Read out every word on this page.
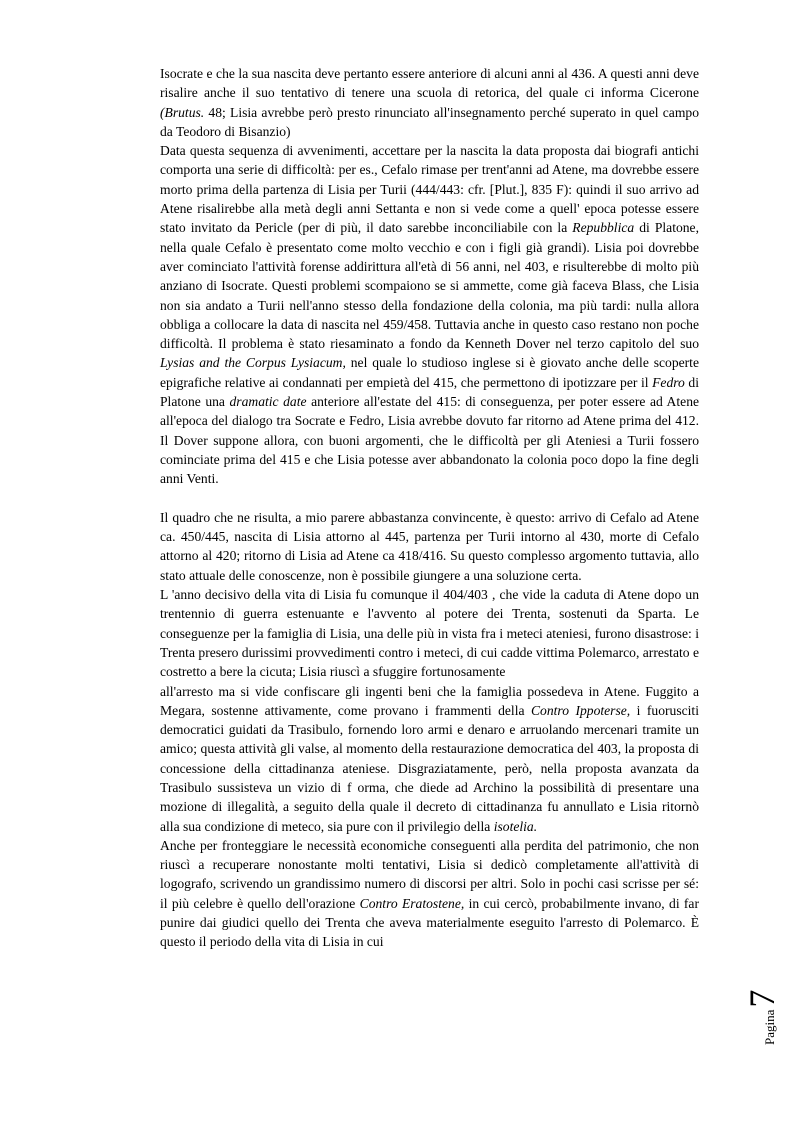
Isocrate e che la sua nascita deve pertanto essere anteriore di alcuni anni al 436. A questi anni deve risalire anche il suo tentativo di tenere una scuola di retorica, del quale ci informa Cicerone (Brutus. 48; Lisia avrebbe però presto rinunciato all'insegnamento perché superato in quel campo da Teodoro di Bisanzio)

Data questa sequenza di avvenimenti, accettare per la nascita la data proposta dai biografi antichi comporta una serie di difficoltà: per es., Cefalo rimase per trent'anni ad Atene, ma dovrebbe essere morto prima della partenza di Lisia per Turii (444/443: cfr. [Plut.], 835 F): quindi il suo arrivo ad Atene risalirebbe alla metà degli anni Settanta e non si vede come a quell' epoca potesse essere stato invitato da Pericle (per di più, il dato sarebbe inconciliabile con la Repubblica di Platone, nella quale Cefalo è presentato come molto vecchio e con i figli già grandi). Lisia poi dovrebbe aver cominciato l'attività forense addirittura all'età di 56 anni, nel 403, e risulterebbe di molto più anziano di Isocrate. Questi problemi scompaiono se si ammette, come già faceva Blass, che Lisia non sia andato a Turii nell'anno stesso della fondazione della colonia, ma più tardi: nulla allora obbliga a collocare la data di nascita nel 459/458. Tuttavia anche in questo caso restano non poche difficoltà. Il problema è stato riesaminato a fondo da Kenneth Dover nel terzo capitolo del suo Lysias and the Corpus Lysiacum, nel quale lo studioso inglese si è giovato anche delle scoperte epigrafiche relative ai condannati per empietà del 415, che permettono di ipotizzare per il Fedro di Platone una dramatic date anteriore all'estate del 415: di conseguenza, per poter essere ad Atene all'epoca del dialogo tra Socrate e Fedro, Lisia avrebbe dovuto far ritorno ad Atene prima del 412. Il Dover suppone allora, con buoni argomenti, che le difficoltà per gli Ateniesi a Turii fossero cominciate prima del 415 e che Lisia potesse aver abbandonato la colonia poco dopo la fine degli anni Venti.

Il quadro che ne risulta, a mio parere abbastanza convincente, è questo: arrivo di Cefalo ad Atene ca. 450/445, nascita di Lisia attorno al 445, partenza per Turii intorno al 430, morte di Cefalo attorno al 420; ritorno di Lisia ad Atene ca 418/416. Su questo complesso argomento tuttavia, allo stato attuale delle conoscenze, non è possibile giungere a una soluzione certa.

L 'anno decisivo della vita di Lisia fu comunque il 404/403 , che vide la caduta di Atene dopo un trentennio di guerra estenuante e l'avvento al potere dei Trenta, sostenuti da Sparta. Le conseguenze per la famiglia di Lisia, una delle più in vista fra i meteci ateniesi, furono disastrose: i Trenta presero durissimi provvedimenti contro i meteci, di cui cadde vittima Polemarco, arrestato e costretto a bere la cicuta; Lisia riuscì a sfuggire fortunosamente

all'arresto ma si vide confiscare gli ingenti beni che la famiglia possedeva in Atene. Fuggito a Megara, sostenne attivamente, come provano i frammenti della Contro Ippoterse, i fuorusciti democratici guidati da Trasibulo, fornendo loro armi e denaro e arruolando mercenari tramite un amico; questa attività gli valse, al momento della restaurazione democratica del 403, la proposta di concessione della cittadinanza ateniese. Disgraziatamente, però, nella proposta avanzata da Trasibulo sussisteva un vizio di f orma, che diede ad Archino la possibilità di presentare una mozione di illegalità, a seguito della quale il decreto di cittadinanza fu annullato e Lisia ritornò alla sua condizione di meteco, sia pure con il privilegio della isotelia.

Anche per fronteggiare le necessità economiche conseguenti alla perdita del patrimonio, che non riuscì a recuperare nonostante molti tentativi, Lisia si dedicò completamente all'attività di logografo, scrivendo un grandissimo numero di discorsi per altri. Solo in pochi casi scrisse per sé: il più celebre è quello dell'orazione Contro Eratostene, in cui cercò, probabilmente invano, di far punire dai giudici quello dei Trenta che aveva materialmente eseguito l'arresto di Polemarco. È questo il periodo della vita di Lisia in cui

Pagina7
